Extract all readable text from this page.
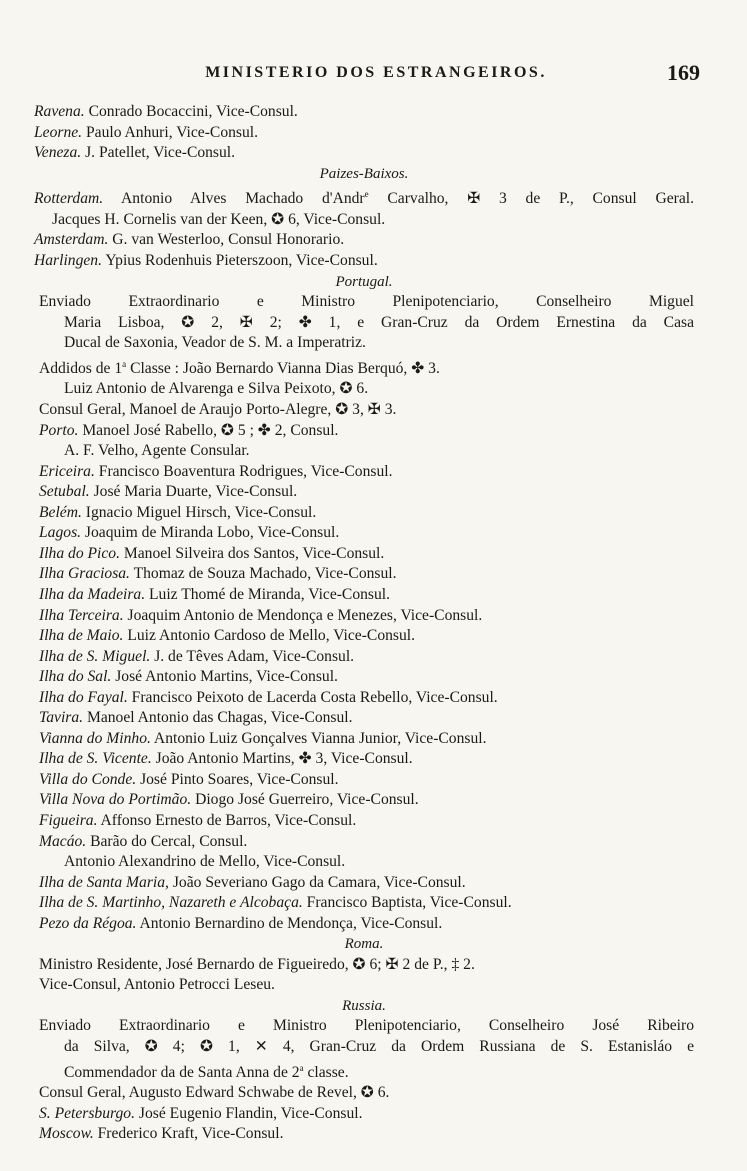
MINISTERIO DOS ESTRANGEIROS.	169
Ravena. Conrado Bocaccini, Vice-Consul.
Leorne. Paulo Anhuri, Vice-Consul.
Veneza. J. Patellet, Vice-Consul.
Paizes-Baixos.
Rotterdam. Antonio Alves Machado d'Andr$^e$ Carvalho, ✠ 3 de P., Consul Geral.
Jacques H. Cornelis van der Keen, ✪ 6, Vice-Consul.
Amsterdam. G. van Westerloo, Consul Honorario.
Harlingen. Ypius Rodenhuis Pieterszoon, Vice-Consul.
Portugal.
Enviado Extraordinario e Ministro Plenipotenciario, Conselheiro Miguel
Maria Lisboa, ✪ 2, ✠ 2; ✤ 1, e Gran-Cruz da Ordem Ernestina da Casa
Ducal de Saxonia, Veador de S. M. a Imperatriz.
Addidos de 1$^a$ Classe : João Bernardo Vianna Dias Berquó, ✤ 3.
Luiz Antonio de Alvarenga e Silva Peixoto, ✪ 6.
Consul Geral, Manoel de Araujo Porto-Alegre, ✪ 3, ✠ 3.
Porto. Manoel José Rabello, ✪ 5 ; ✤ 2, Consul.
A. F. Velho, Agente Consular.
Ericeira. Francisco Boaventura Rodrigues, Vice-Consul.
Setubal. José Maria Duarte, Vice-Consul.
Belém. Ignacio Miguel Hirsch, Vice-Consul.
Lagos. Joaquim de Miranda Lobo, Vice-Consul.
Ilha do Pico. Manoel Silveira dos Santos, Vice-Consul.
Ilha Graciosa. Thomaz de Souza Machado, Vice-Consul.
Ilha da Madeira. Luiz Thomé de Miranda, Vice-Consul.
Ilha Terceira. Joaquim Antonio de Mendonça e Menezes, Vice-Consul.
Ilha de Maio. Luiz Antonio Cardoso de Mello, Vice-Consul.
Ilha de S. Miguel. J. de Têves Adam, Vice-Consul.
Ilha do Sal. José Antonio Martins, Vice-Consul.
Ilha do Fayal. Francisco Peixoto de Lacerda Costa Rebello, Vice-Consul.
Tavira. Manoel Antonio das Chagas, Vice-Consul.
Vianna do Minho. Antonio Luiz Gonçalves Vianna Junior, Vice-Consul.
Ilha de S. Vicente. João Antonio Martins, ✤ 3, Vice-Consul.
Villa do Conde. José Pinto Soares, Vice-Consul.
Villa Nova do Portimão. Diogo José Guerreiro, Vice-Consul.
Figueira. Affonso Ernesto de Barros, Vice-Consul.
Macáo. Barão do Cercal, Consul.
Antonio Alexandrino de Mello, Vice-Consul.
Ilha de Santa Maria, João Severiano Gago da Camara, Vice-Consul.
Ilha de S. Martinho, Nazareth e Alcobaça. Francisco Baptista, Vice-Consul.
Pezo da Régoa. Antonio Bernardino de Mendonça, Vice-Consul.
Roma.
Ministro Residente, José Bernardo de Figueiredo, ✪ 6; ✠ 2 de P., ‡ 2.
Vice-Consul, Antonio Petrocci Leseu.
Russia.
Enviado Extraordinario e Ministro Plenipotenciario, Conselheiro José Ribeiro
da Silva, ✪ 4; ✪ 1, ✕ 4, Gran-Cruz da Ordem Russiana de S. Estanisláo e
Commendador da de Santa Anna de 2$^a$ classe.
Consul Geral, Augusto Edward Schwabe de Revel, ✪ 6.
S. Petersburgo. José Eugenio Flandin, Vice-Consul.
Moscow. Frederico Kraft, Vice-Consul.
